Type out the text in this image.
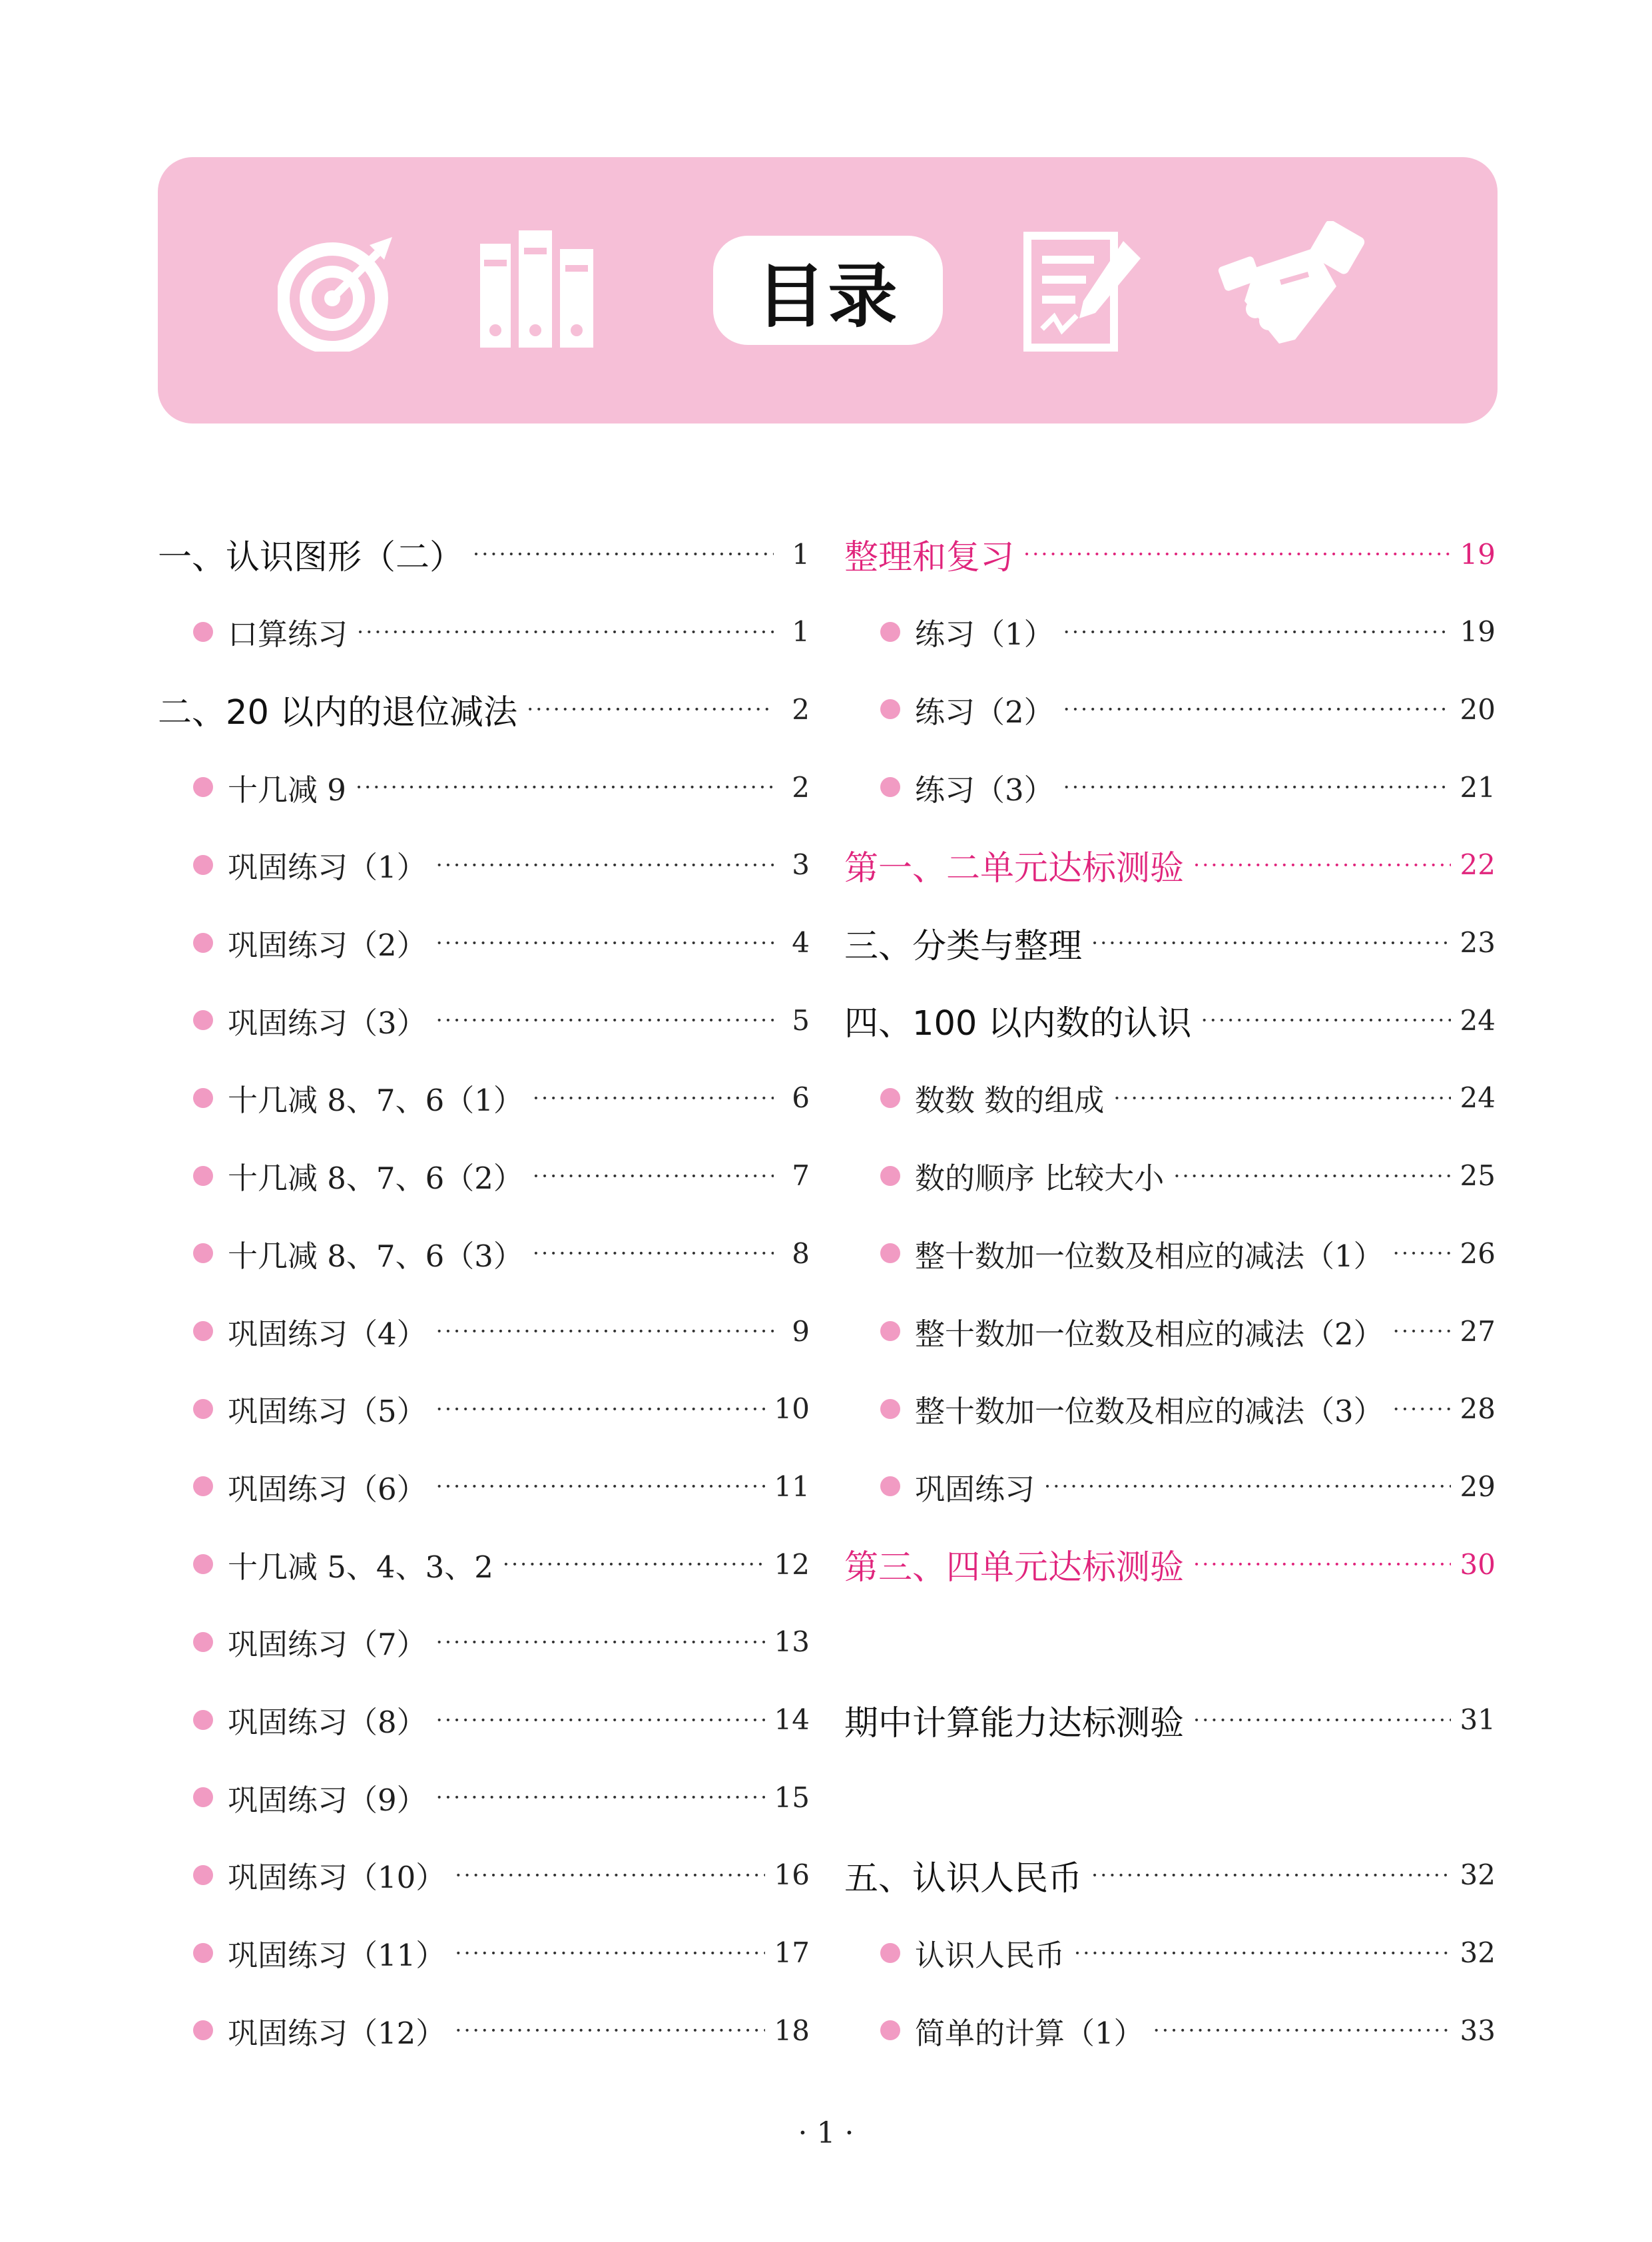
目录
一、认识图形（二） ·····	1
口算练习 ·····	1
二、20 以内的退位减法 ·····	2
十几减 9 ·····	2
巩固练习（1） ·····	3
巩固练习（2） ·····	4
巩固练习（3） ·····	5
十几减 8、7、6（1） ·····	6
十几减 8、7、6（2） ·····	7
十几减 8、7、6（3） ·····	8
巩固练习（4） ·····	9
巩固练习（5） ·····	10
巩固练习（6） ·····	11
十几减 5、4、3、2 ·····	12
巩固练习（7） ·····	13
巩固练习（8） ·····	14
巩固练习（9） ·····	15
巩固练习（10） ·····	16
巩固练习（11） ·····	17
巩固练习（12） ·····	18
整理和复习 ·····	19
练习（1） ·····	19
练习（2） ·····	20
练习（3） ·····	21
第一、二单元达标测验 ·····	22
三、分类与整理 ·····	23
四、100 以内数的认识 ·····	24
数数 数的组成 ·····	24
数的顺序 比较大小 ·····	25
整十数加一位数及相应的减法（1） ·····	26
整十数加一位数及相应的减法（2） ·····	27
整十数加一位数及相应的减法（3） ·····	28
巩固练习 ·····	29
第三、四单元达标测验 ·····	30
期中计算能力达标测验 ·····	31
五、认识人民币 ·····	32
认识人民币 ·····	32
简单的计算（1） ·····	33
· 1 ·
